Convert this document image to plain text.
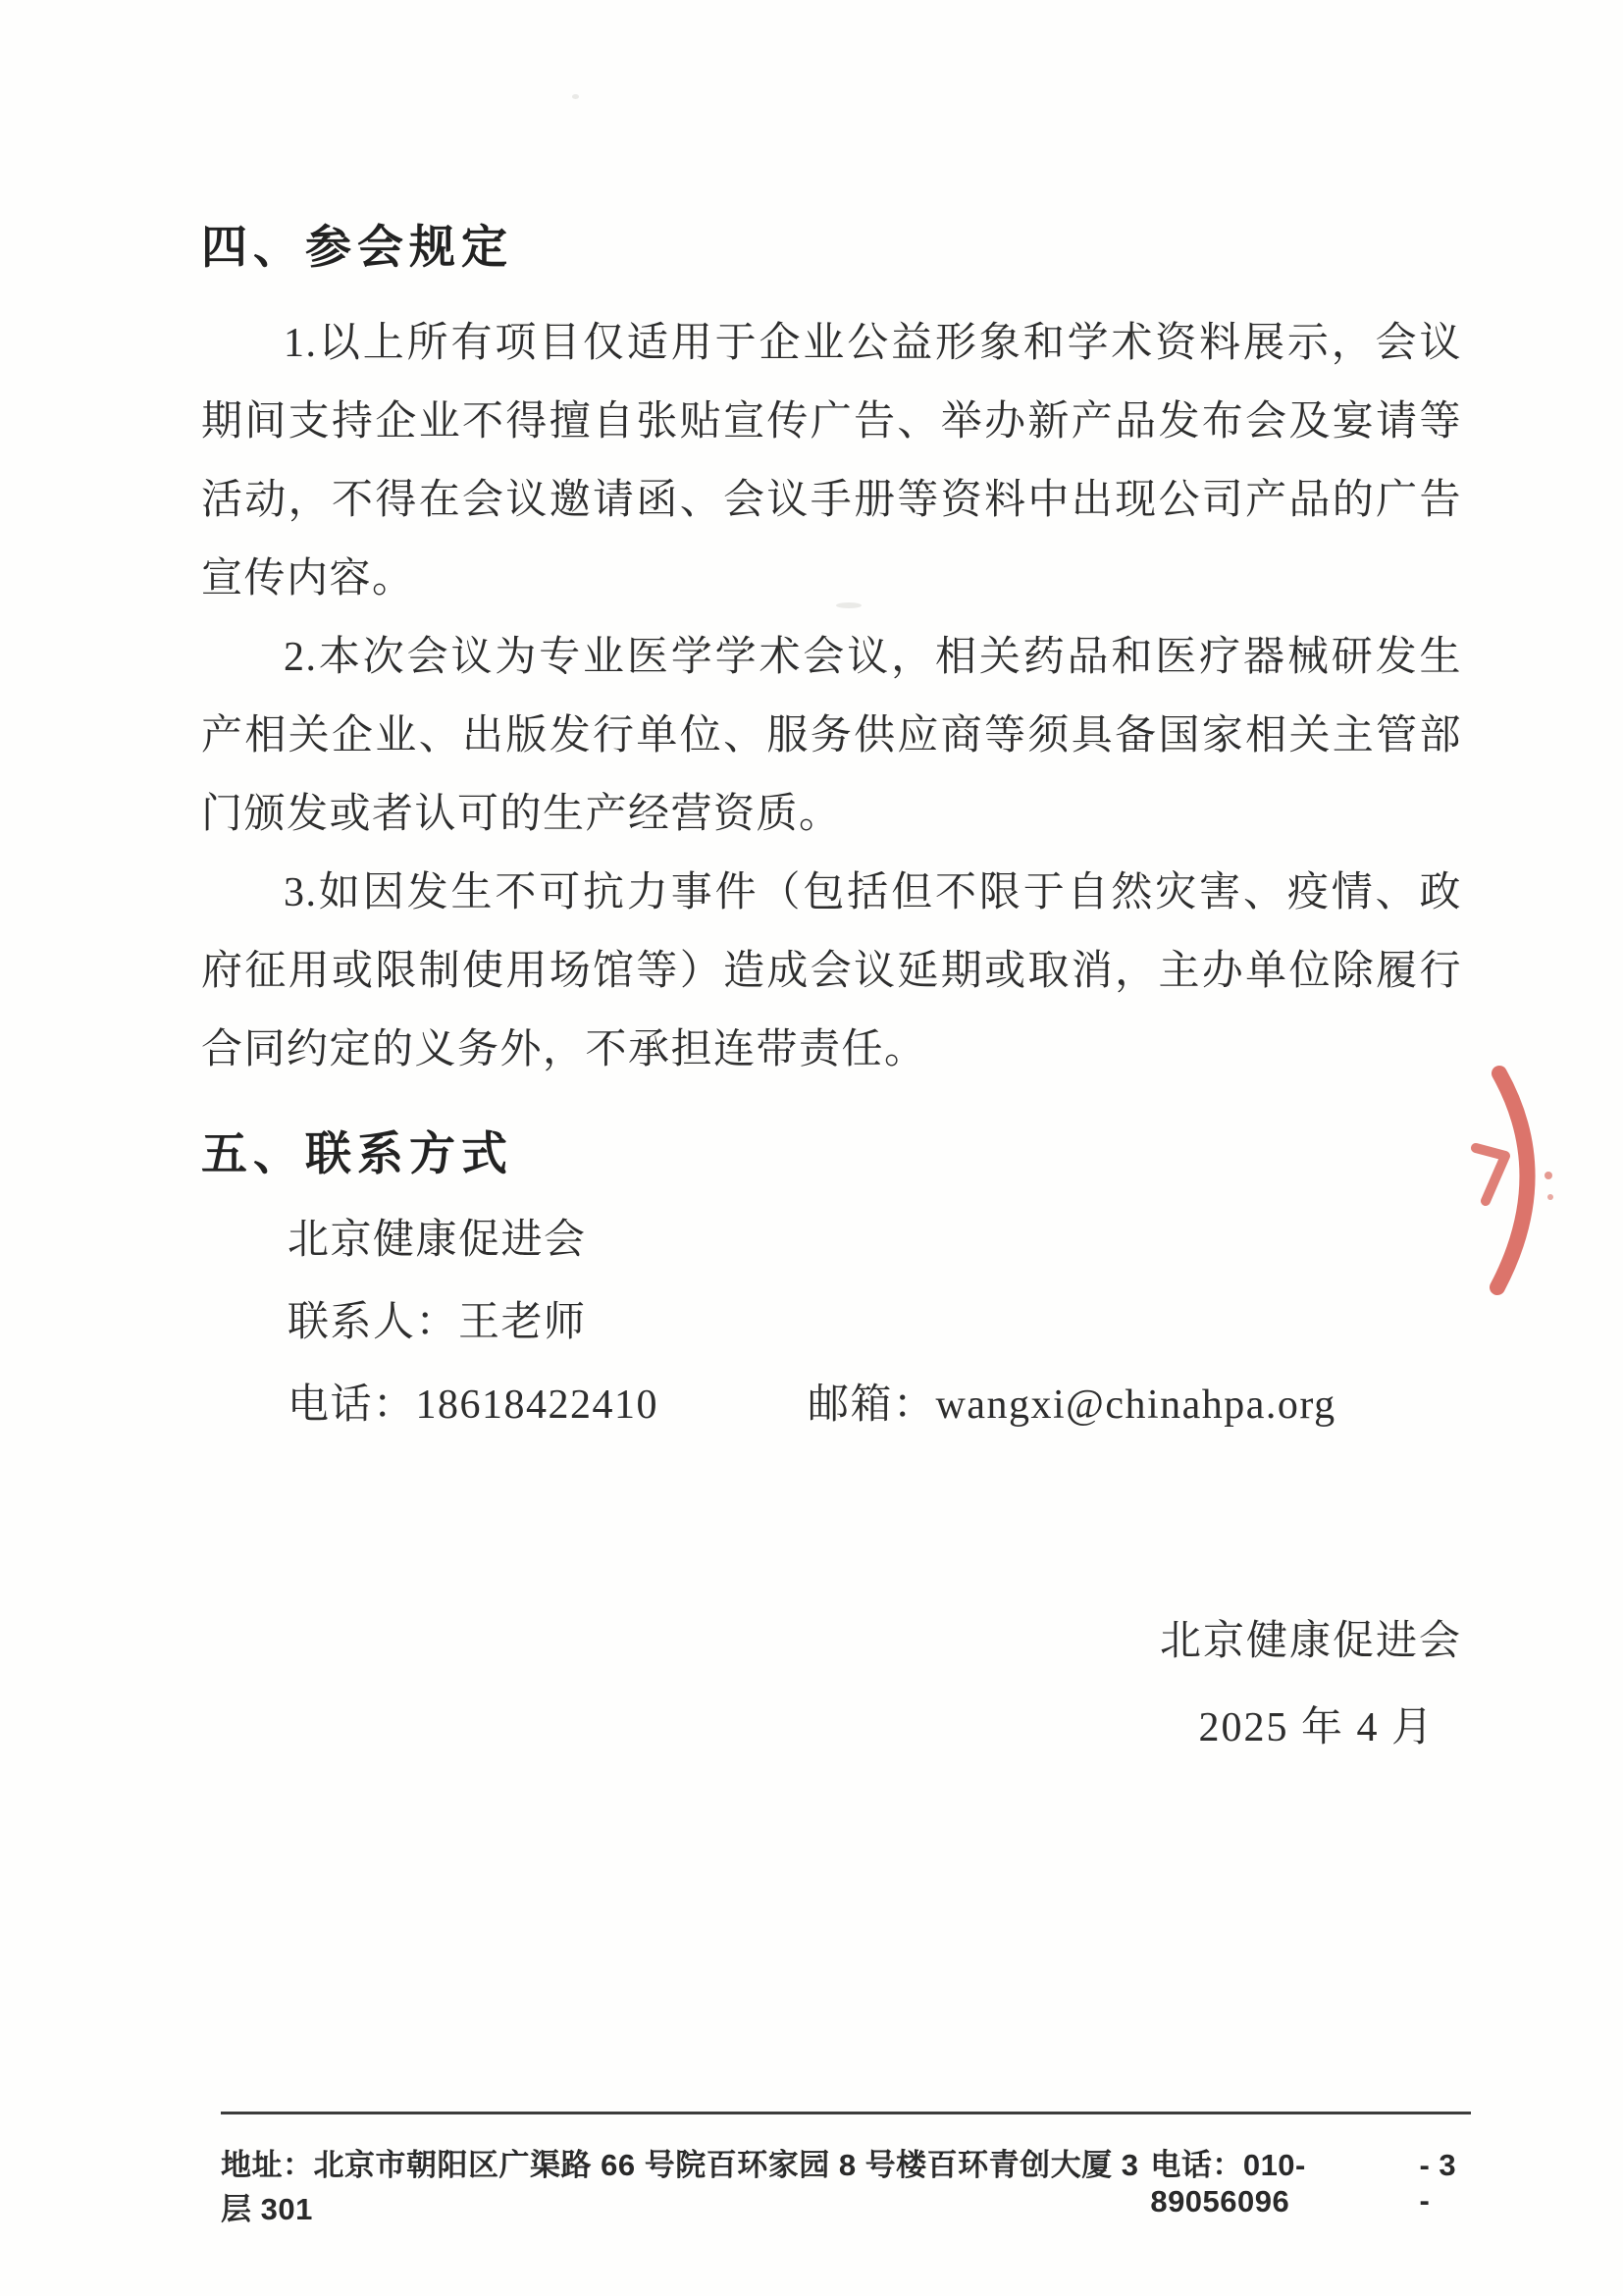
四、参会规定

1.以上所有项目仅适用于企业公益形象和学术资料展示，会议期间支持企业不得擅自张贴宣传广告、举办新产品发布会及宴请等活动，不得在会议邀请函、会议手册等资料中出现公司产品的广告宣传内容。

2.本次会议为专业医学学术会议，相关药品和医疗器械研发生产相关企业、出版发行单位、服务供应商等须具备国家相关主管部门颁发或者认可的生产经营资质。

3.如因发生不可抗力事件（包括但不限于自然灾害、疫情、政府征用或限制使用场馆等）造成会议延期或取消，主办单位除履行合同约定的义务外，不承担连带责任。

五、联系方式

北京健康促进会

联系人：王老师

电话：18618422410	邮箱：wangxi@chinahpa.org

北京健康促进会

2025 年 4 月

地址：北京市朝阳区广渠路 66 号院百环家园 8 号楼百环青创大厦 3 层 301
电话：010-89056096
- 3 -
